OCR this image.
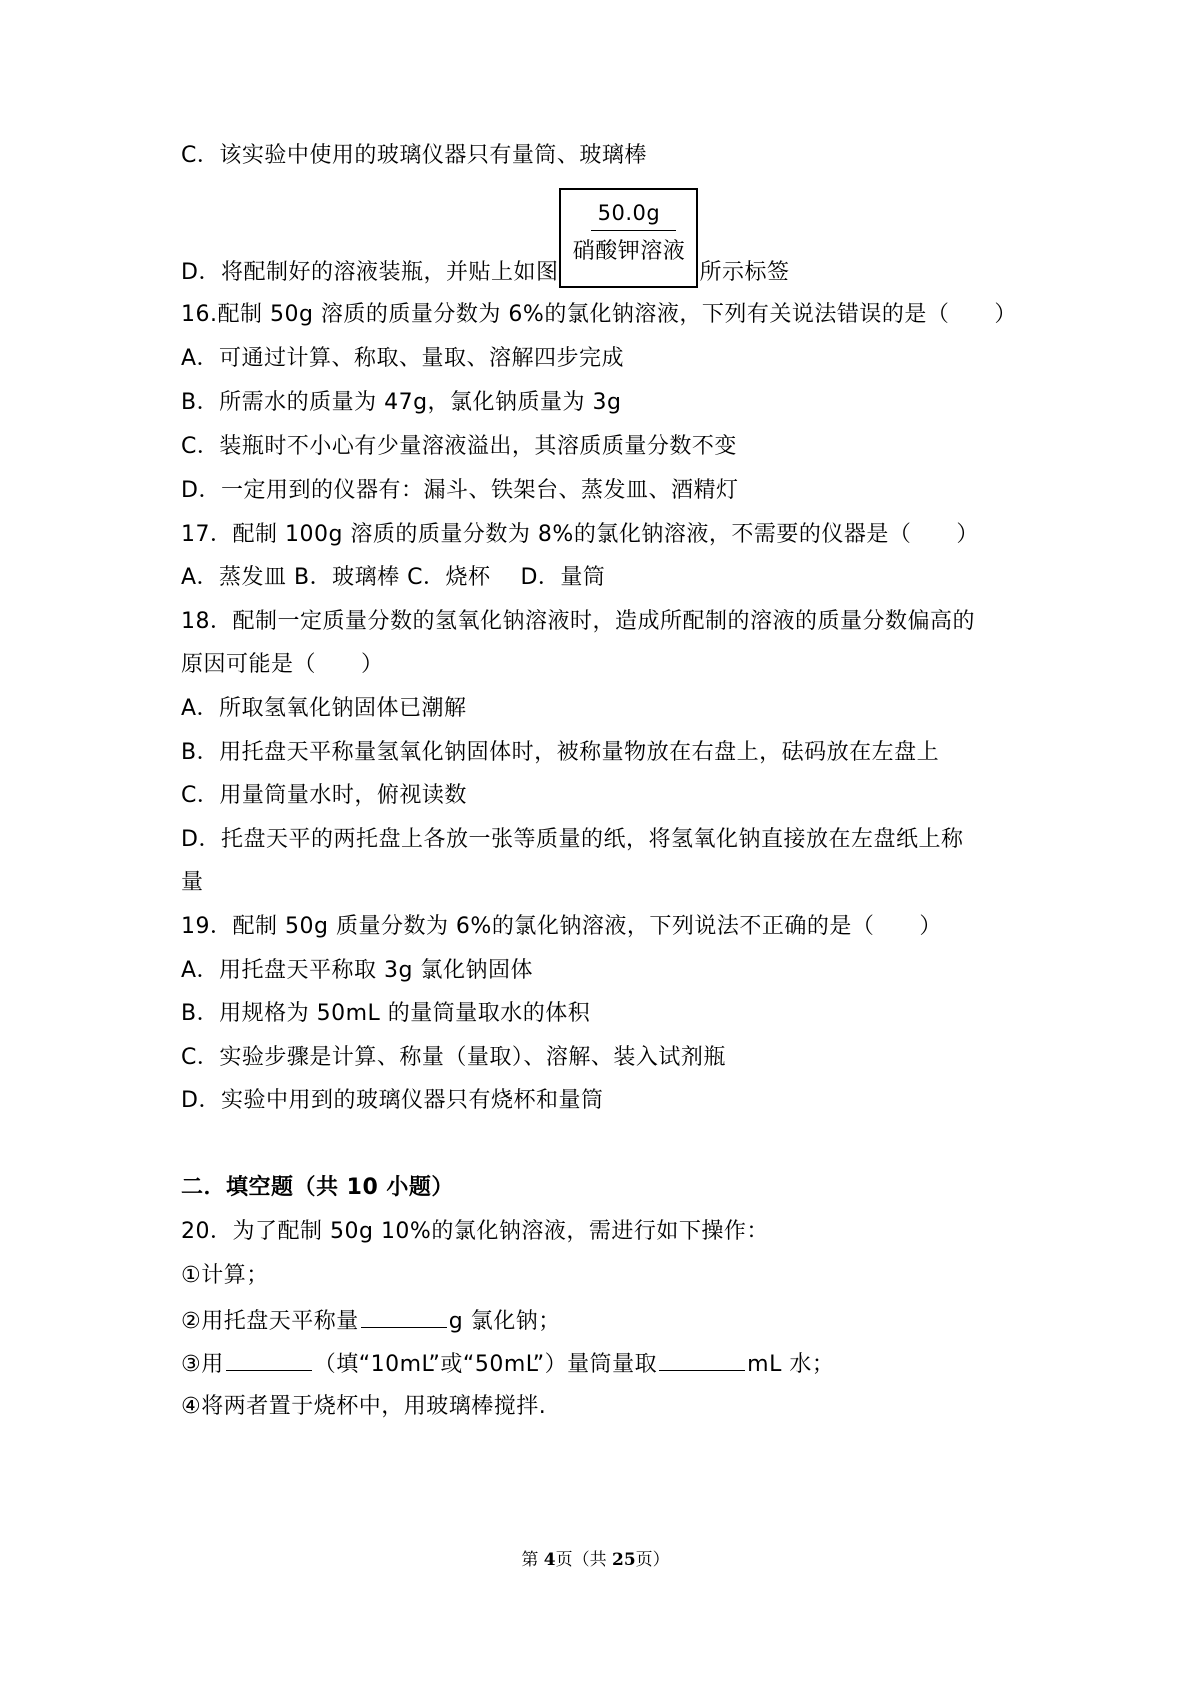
C．该实验中使用的玻璃仪器只有量筒、玻璃棒
D．将配制好的溶液装瓶，并贴上如图
50.0g
硝酸钾溶液
所示标签
16.配制 50g 溶质的质量分数为 6%的氯化钠溶液，下列有关说法错误的是（　　）
A．可通过计算、称取、量取、溶解四步完成
B．所需水的质量为 47g，氯化钠质量为 3g
C．装瓶时不小心有少量溶液溢出，其溶质质量分数不变
D．一定用到的仪器有：漏斗、铁架台、蒸发皿、酒精灯
17．配制 100g 溶质的质量分数为 8%的氯化钠溶液，不需要的仪器是（　　）
A．蒸发皿 B．玻璃棒 C．烧杯　 D．量筒
18．配制一定质量分数的氢氧化钠溶液时，造成所配制的溶液的质量分数偏高的
原因可能是（　　）
A．所取氢氧化钠固体已潮解
B．用托盘天平称量氢氧化钠固体时，被称量物放在右盘上，砝码放在左盘上
C．用量筒量水时，俯视读数
D．托盘天平的两托盘上各放一张等质量的纸，将氢氧化钠直接放在左盘纸上称
量
19．配制 50g 质量分数为 6%的氯化钠溶液，下列说法不正确的是（　　）
A．用托盘天平称取 3g 氯化钠固体
B．用规格为 50mL 的量筒量取水的体积
C．实验步骤是计算、称量（量取）、溶解、装入试剂瓶
D．实验中用到的玻璃仪器只有烧杯和量筒
二．填空题（共 10 小题）
20．为了配制 50g 10%的氯化钠溶液，需进行如下操作：
①计算；
②用托盘天平称量	g 氯化钠；
③用	（填“10mL”或“50mL”）量筒量取	mL 水；
④将两者置于烧杯中，用玻璃棒搅拌.
第 4页（共 25页）
